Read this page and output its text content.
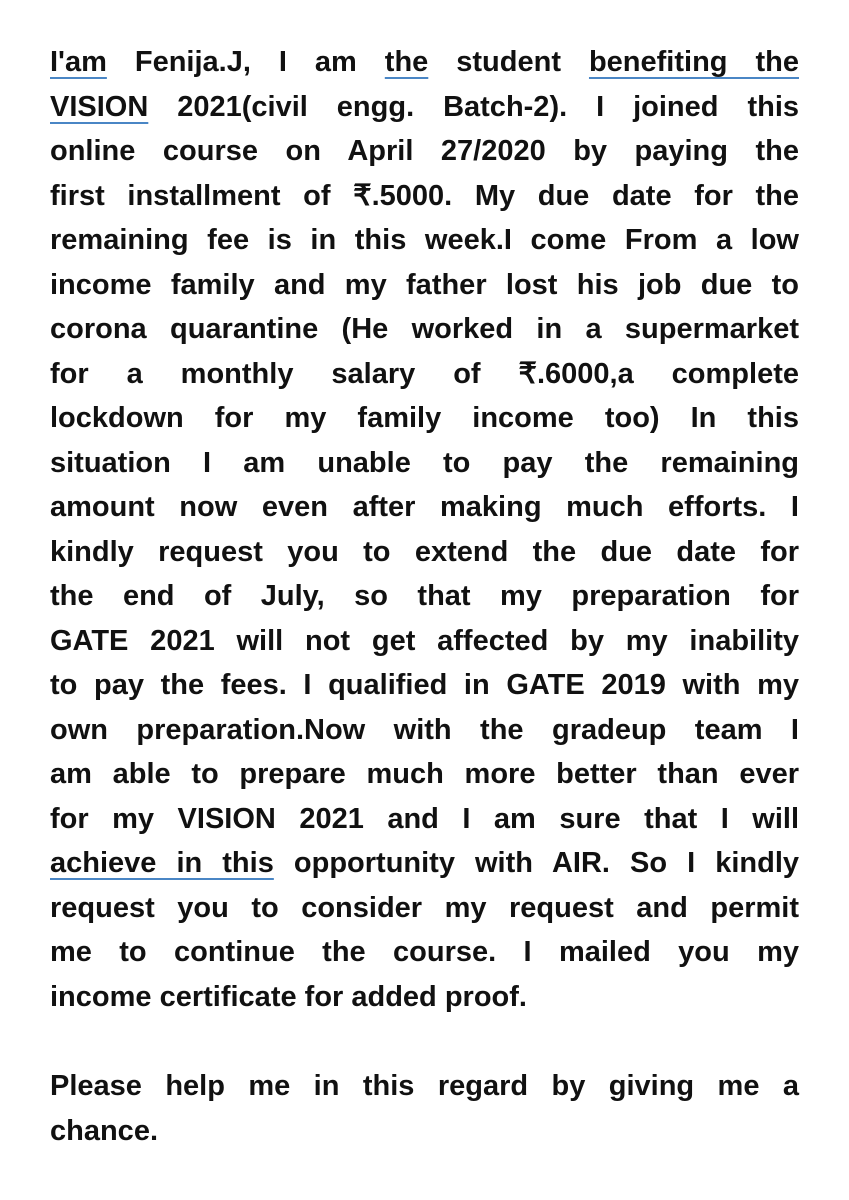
I'am Fenija.J, I am the student benefiting the
VISION 2021(civil engg. Batch-2). I joined this
online course on April 27/2020 by paying the
first installment of ₹.5000. My due date for the
remaining fee is in this week.I come From a low
income family and my father lost his job due to
corona quarantine (He worked in a supermarket
for a monthly salary of ₹.6000,a complete
lockdown for my family income too) In this
situation I am unable to pay the remaining
amount now even after making much efforts. I
kindly request you to extend the due date for
the end of July, so that my preparation for
GATE 2021 will not get affected by my inability
to pay the fees. I qualified in GATE 2019 with my
own preparation.Now with the gradeup team I
am able to prepare much more better than ever
for my VISION 2021 and I am sure that I will
achieve in this opportunity with AIR. So I kindly
request you to consider my request and permit
me to continue the course. I mailed you my
income certificate for added proof.
Please help me in this regard by giving me a
chance.
